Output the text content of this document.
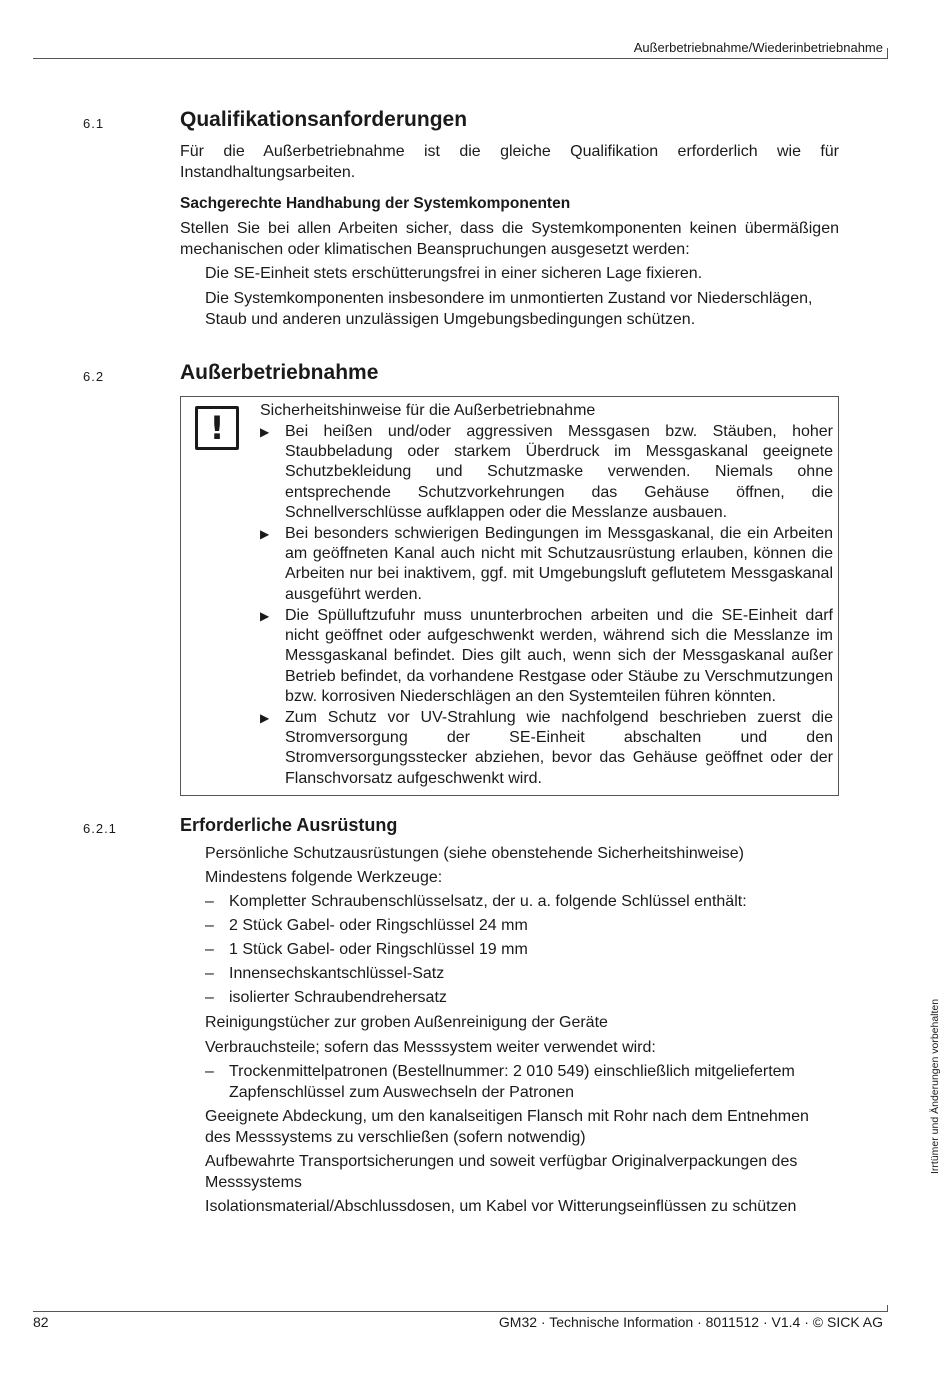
Außerbetriebnahme/Wiederinbetriebnahme
6.1	Qualifikationsanforderungen
Für die Außerbetriebnahme ist die gleiche Qualifikation erforderlich wie für Instandhaltungsarbeiten.
Sachgerechte Handhabung der Systemkomponenten
Stellen Sie bei allen Arbeiten sicher, dass die Systemkomponenten keinen übermäßigen mechanischen oder klimatischen Beanspruchungen ausgesetzt werden:
Die SE-Einheit stets erschütterungsfrei in einer sicheren Lage fixieren.
Die Systemkomponenten insbesondere im unmontierten Zustand vor Niederschlägen, Staub und anderen unzulässigen Umgebungsbedingungen schützen.
6.2	Außerbetriebnahme
! Sicherheitshinweise für die Außerbetriebnahme
▶ Bei heißen und/oder aggressiven Messgasen bzw. Stäuben, hoher Staubbeladung oder starkem Überdruck im Messgaskanal geeignete Schutzbekleidung und Schutzmaske verwenden. Niemals ohne entsprechende Schutzvorkehrungen das Gehäuse öffnen, die Schnellverschlüsse aufklappen oder die Messlanze ausbauen.
▶ Bei besonders schwierigen Bedingungen im Messgaskanal, die ein Arbeiten am geöffneten Kanal auch nicht mit Schutzausrüstung erlauben, können die Arbeiten nur bei inaktivem, ggf. mit Umgebungsluft geflutetem Messgaskanal ausgeführt werden.
▶ Die Spülluftzufuhr muss ununterbrochen arbeiten und die SE-Einheit darf nicht geöffnet oder aufgeschwenkt werden, während sich die Messlanze im Messgaskanal befindet. Dies gilt auch, wenn sich der Messgaskanal außer Betrieb befindet, da vorhandene Restgase oder Stäube zu Verschmutzungen bzw. korrosiven Niederschlägen an den Systemteilen führen könnten.
▶ Zum Schutz vor UV-Strahlung wie nachfolgend beschrieben zuerst die Stromversorgung der SE-Einheit abschalten und den Stromversorgungsstecker abziehen, bevor das Gehäuse geöffnet oder der Flanschvorsatz aufgeschwenkt wird.
6.2.1	Erforderliche Ausrüstung
Persönliche Schutzausrüstungen (siehe obenstehende Sicherheitshinweise)
Mindestens folgende Werkzeuge:
– Kompletter Schraubenschlüsselsatz, der u. a. folgende Schlüssel enthält:
– 2 Stück Gabel- oder Ringschlüssel 24 mm
– 1 Stück Gabel- oder Ringschlüssel 19 mm
– Innensechskantschlüssel-Satz
– isolierter Schraubendrehersatz
Reinigungstücher zur groben Außenreinigung der Geräte
Verbrauchsteile; sofern das Messsystem weiter verwendet wird:
– Trockenmittelpatronen (Bestellnummer: 2 010 549) einschließlich mitgeliefertem Zapfenschlüssel zum Auswechseln der Patronen
Geeignete Abdeckung, um den kanalseitigen Flansch mit Rohr nach dem Entnehmen des Messsystems zu verschließen (sofern notwendig)
Aufbewahrte Transportsicherungen und soweit verfügbar Originalverpackungen des Messsystems
Isolationsmaterial/Abschlussdosen, um Kabel vor Witterungseinflüssen zu schützen
Irrtümer und Änderungen vorbehalten
82	GM32 · Technische Information · 8011512 · V1.4 · © SICK AG
